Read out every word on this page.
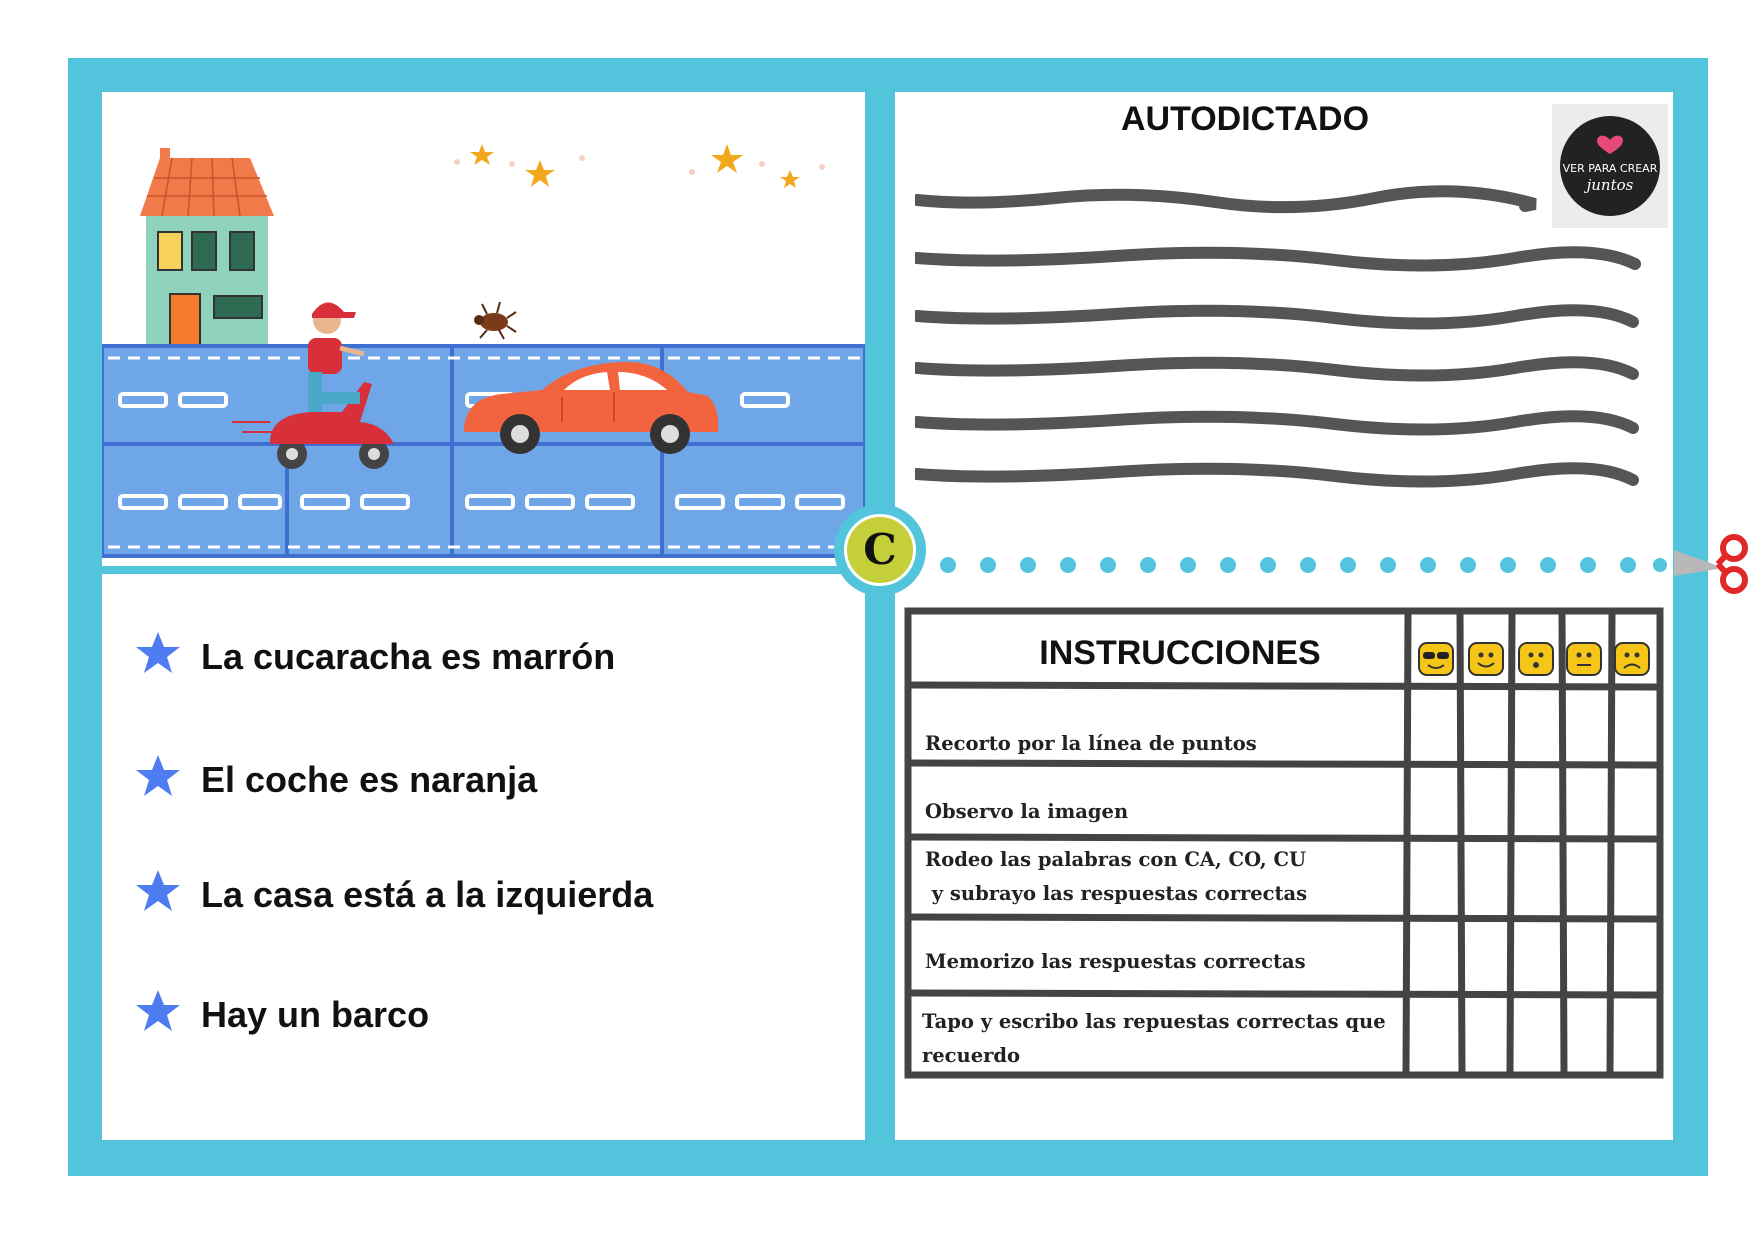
AUTODICTADO
VER PARA CREAR
juntos
C
La cucaracha es marrón
El coche es naranja
La casa está a la izquierda
Hay un barco
INSTRUCCIONES
Recorto por la línea de puntos
Observo la imagen
Rodeo las palabras con CA, CO, CU
y subrayo las respuestas correctas
Memorizo las respuestas correctas
Tapo y escribo las repuestas correctas que
recuerdo
